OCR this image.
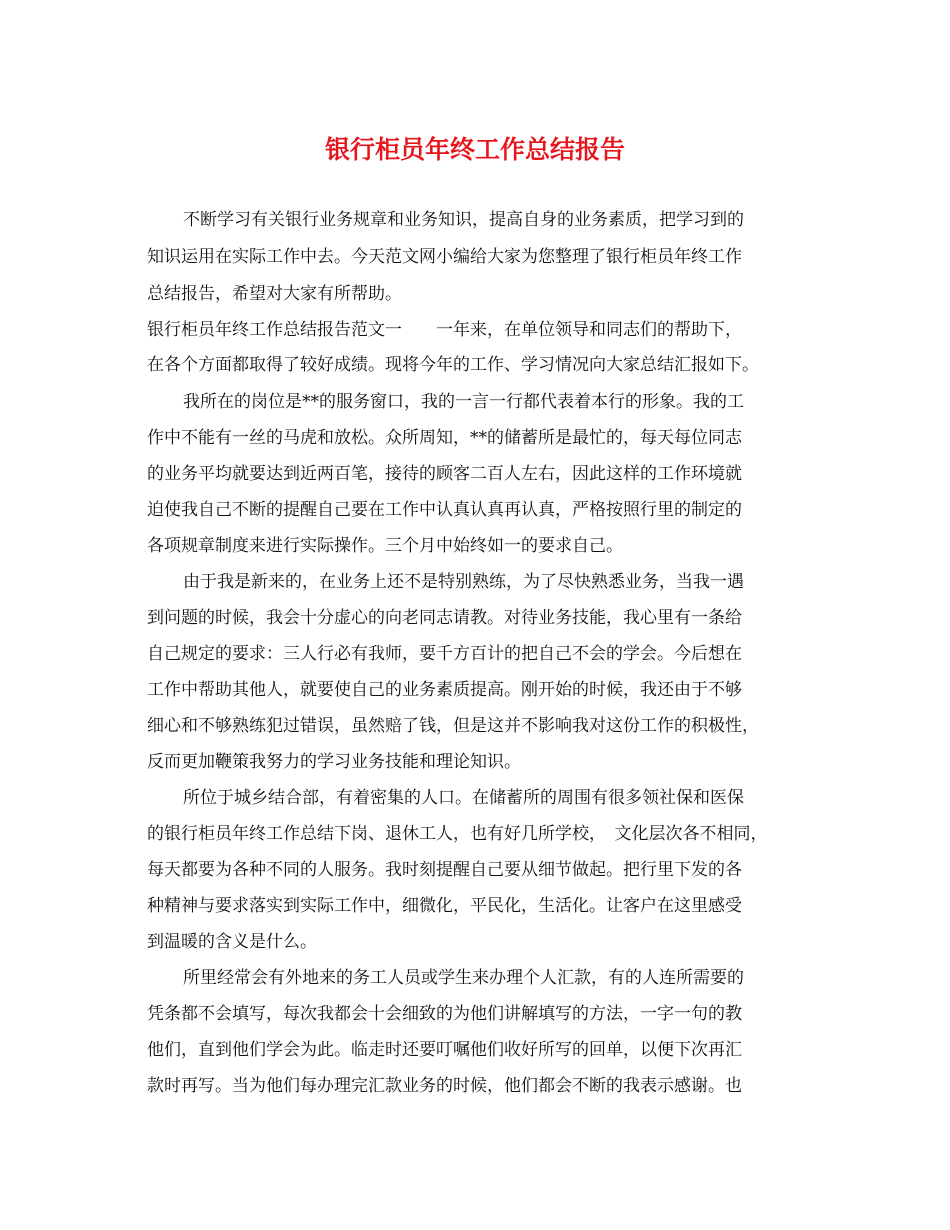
银行柜员年终工作总结报告
不断学习有关银行业务规章和业务知识，提高自身的业务素质，把学习到的
知识运用在实际工作中去。今天范文网小编给大家为您整理了银行柜员年终工作
总结报告，希望对大家有所帮助。
银行柜员年终工作总结报告范文一　　一年来，在单位领导和同志们的帮助下，
在各个方面都取得了较好成绩。现将今年的工作、学习情况向大家总结汇报如下。
我所在的岗位是**的服务窗口，我的一言一行都代表着本行的形象。我的工
作中不能有一丝的马虎和放松。众所周知，**的储蓄所是最忙的，每天每位同志
的业务平均就要达到近两百笔，接待的顾客二百人左右，因此这样的工作环境就
迫使我自己不断的提醒自己要在工作中认真认真再认真，严格按照行里的制定的
各项规章制度来进行实际操作。三个月中始终如一的要求自己。
由于我是新来的，在业务上还不是特别熟练，为了尽快熟悉业务，当我一遇
到问题的时候，我会十分虚心的向老同志请教。对待业务技能，我心里有一条给
自己规定的要求：三人行必有我师，要千方百计的把自己不会的学会。今后想在
工作中帮助其他人，就要使自己的业务素质提高。刚开始的时候，我还由于不够
细心和不够熟练犯过错误，虽然赔了钱，但是这并不影响我对这份工作的积极性，
反而更加鞭策我努力的学习业务技能和理论知识。
所位于城乡结合部，有着密集的人口。在储蓄所的周围有很多领社保和医保
的银行柜员年终工作总结下岗、退休工人，也有好几所学校，　文化层次各不相同，
每天都要为各种不同的人服务。我时刻提醒自己要从细节做起。把行里下发的各
种精神与要求落实到实际工作中，细微化，平民化，生活化。让客户在这里感受
到温暖的含义是什么。
所里经常会有外地来的务工人员或学生来办理个人汇款，有的人连所需要的
凭条都不会填写，每次我都会十会细致的为他们讲解填写的方法，一字一句的教
他们，直到他们学会为此。临走时还要叮嘱他们收好所写的回单，以便下次再汇
款时再写。当为他们每办理完汇款业务的时候，他们都会不断的我表示感谢。也
